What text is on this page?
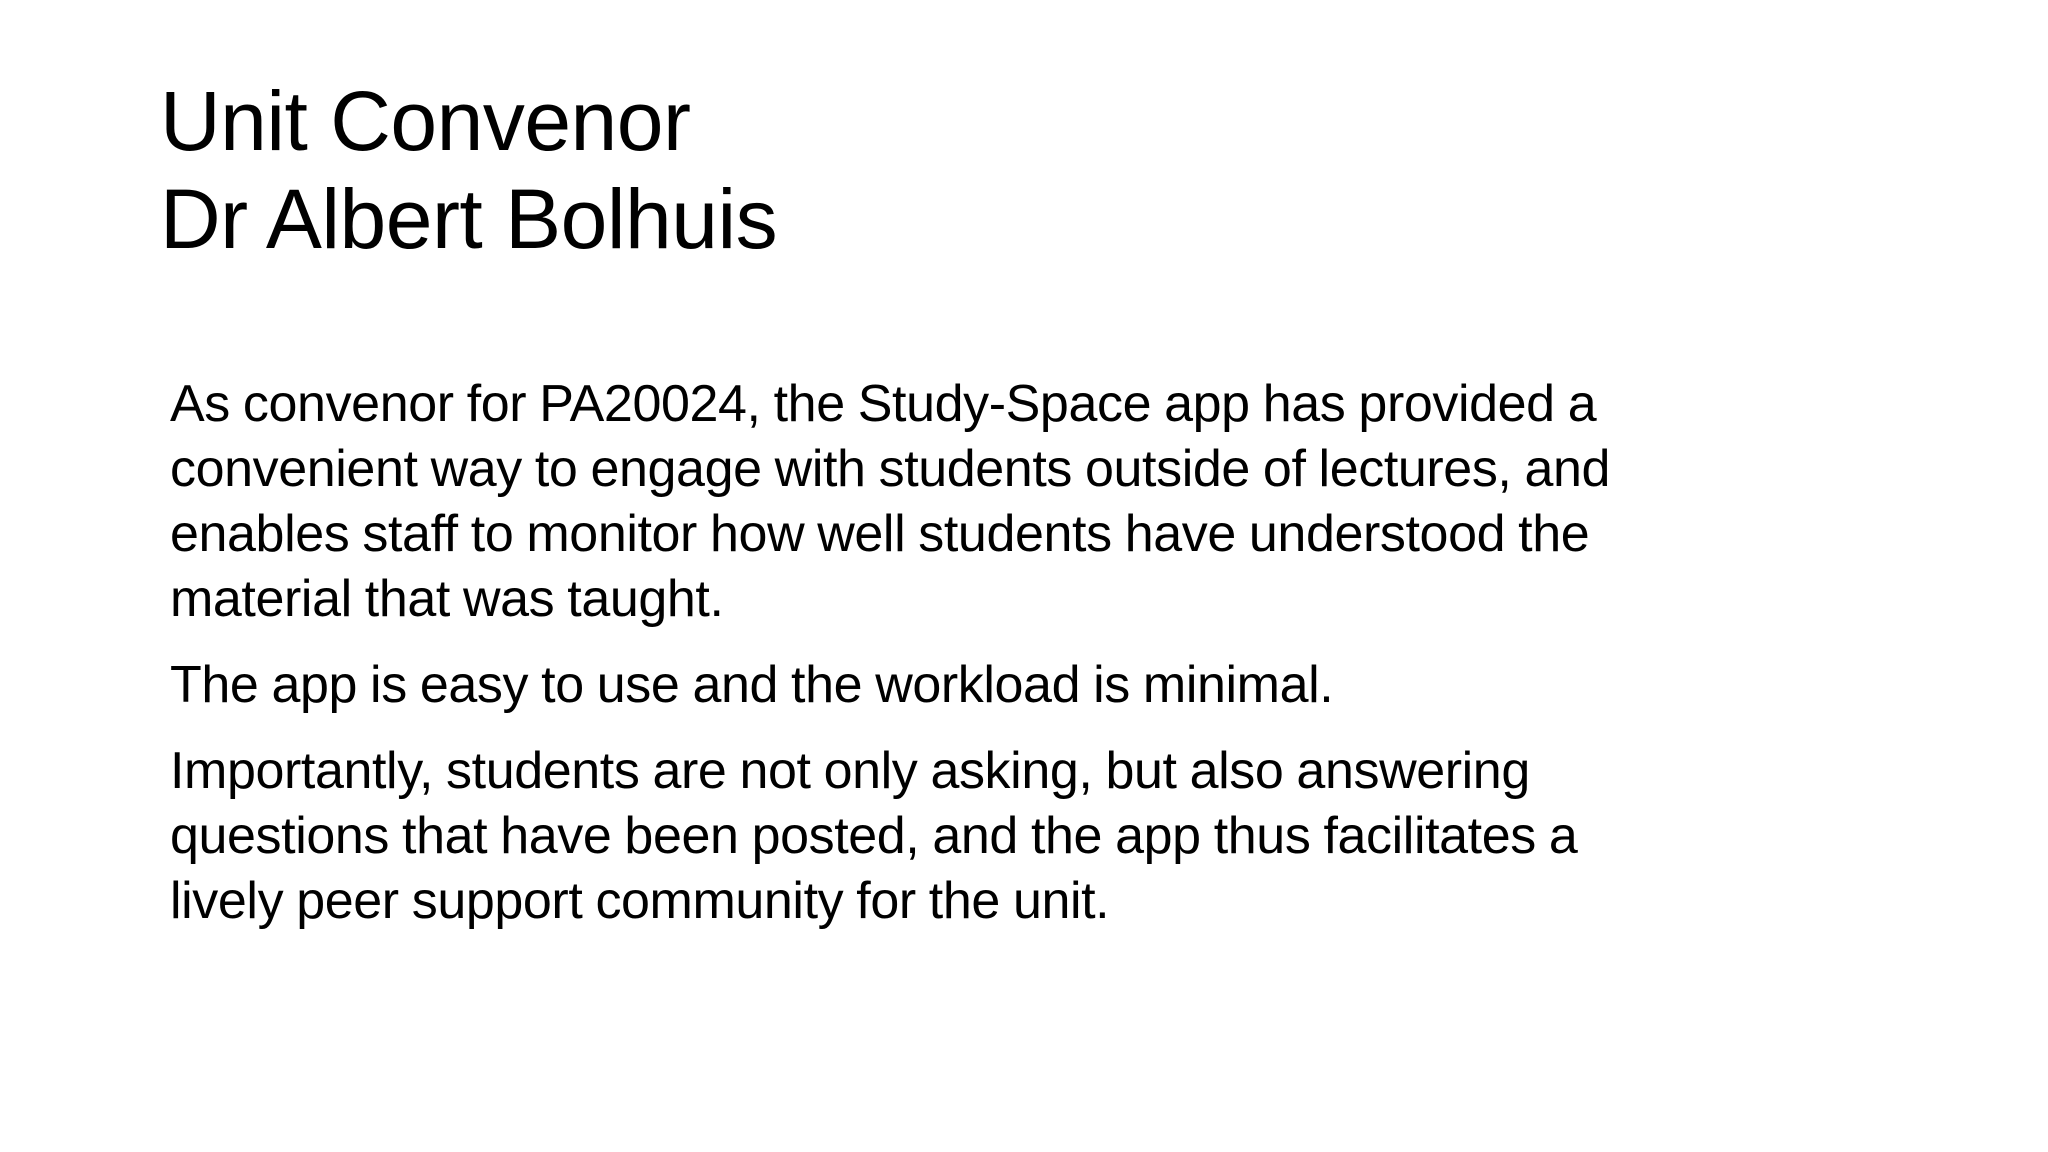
Unit Convenor
Dr Albert Bolhuis

As convenor for PA20024, the Study-Space app has provided a
convenient way to engage with students outside of lectures, and
enables staff to monitor how well students have understood the
material that was taught.

The app is easy to use and the workload is minimal.

Importantly, students are not only asking, but also answering
questions that have been posted, and the app thus facilitates a
lively peer support community for the unit.
